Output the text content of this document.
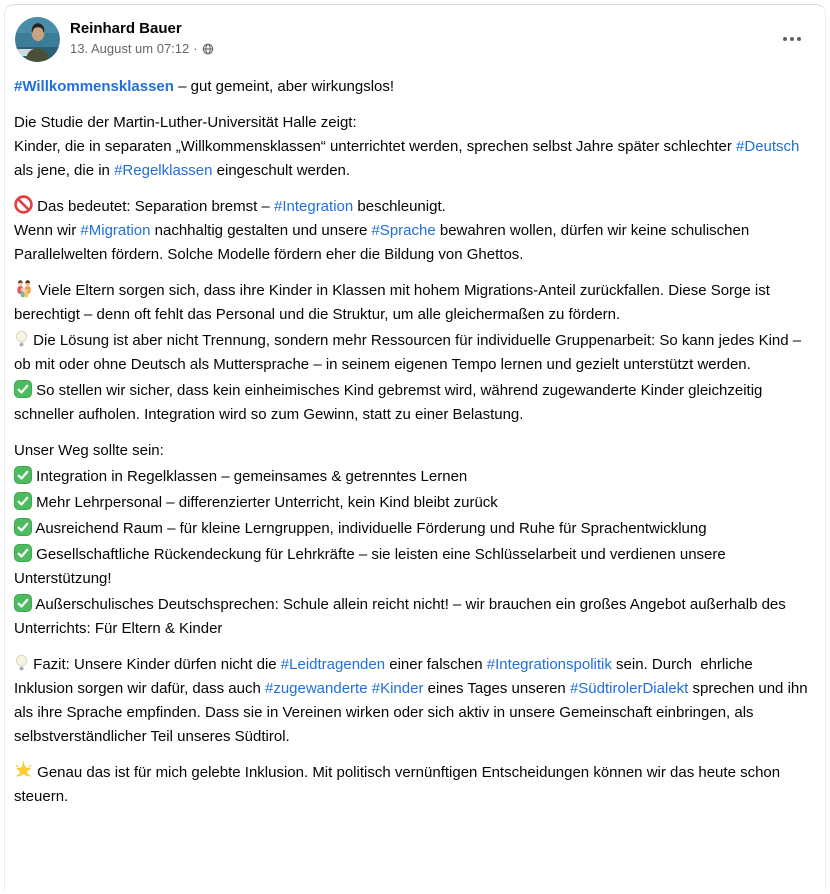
Reinhard Bauer
13. August um 07:12 ·
#Willkommensklassen – gut gemeint, aber wirkungslos!
Die Studie der Martin-Luther-Universität Halle zeigt:
Kinder, die in separaten „Willkommensklassen“ unterrichtet werden, sprechen selbst Jahre später schlechter #Deutsch als jene, die in #Regelklassen eingeschult werden.
Das bedeutet: Separation bremst – #Integration beschleunigt.
Wenn wir #Migration nachhaltig gestalten und unsere #Sprache bewahren wollen, dürfen wir keine schulischen Parallelwelten fördern. Solche Modelle fördern eher die Bildung von Ghettos.
Viele Eltern sorgen sich, dass ihre Kinder in Klassen mit hohem Migrations-Anteil zurückfallen. Diese Sorge ist berechtigt – denn oft fehlt das Personal und die Struktur, um alle gleichermaßen zu fördern.
Die Lösung ist aber nicht Trennung, sondern mehr Ressourcen für individuelle Gruppenarbeit: So kann jedes Kind – ob mit oder ohne Deutsch als Muttersprache – in seinem eigenen Tempo lernen und gezielt unterstützt werden.
So stellen wir sicher, dass kein einheimisches Kind gebremst wird, während zugewanderte Kinder gleichzeitig schneller aufholen. Integration wird so zum Gewinn, statt zu einer Belastung.
Unser Weg sollte sein:
Integration in Regelklassen – gemeinsames & getrenntes Lernen
Mehr Lehrpersonal – differenzierter Unterricht, kein Kind bleibt zurück
Ausreichend Raum – für kleine Lerngruppen, individuelle Förderung und Ruhe für Sprachentwicklung
Gesellschaftliche Rückendeckung für Lehrkräfte – sie leisten eine Schlüsselarbeit und verdienen unsere Unterstützung!
Außerschulisches Deutschsprechen: Schule allein reicht nicht! – wir brauchen ein großes Angebot außerhalb des Unterrichts: Für Eltern & Kinder
Fazit: Unsere Kinder dürfen nicht die #Leidtragenden einer falschen #Integrationspolitik sein. Durch  ehrliche Inklusion sorgen wir dafür, dass auch #zugewanderte #Kinder eines Tages unseren #SüdtirolerDialekt sprechen und ihn als ihre Sprache empfinden. Dass sie in Vereinen wirken oder sich aktiv in unsere Gemeinschaft einbringen, als selbstverständlicher Teil unseres Südtirol.
Genau das ist für mich gelebte Inklusion. Mit politisch vernünftigen Entscheidungen können wir das heute schon steuern.
